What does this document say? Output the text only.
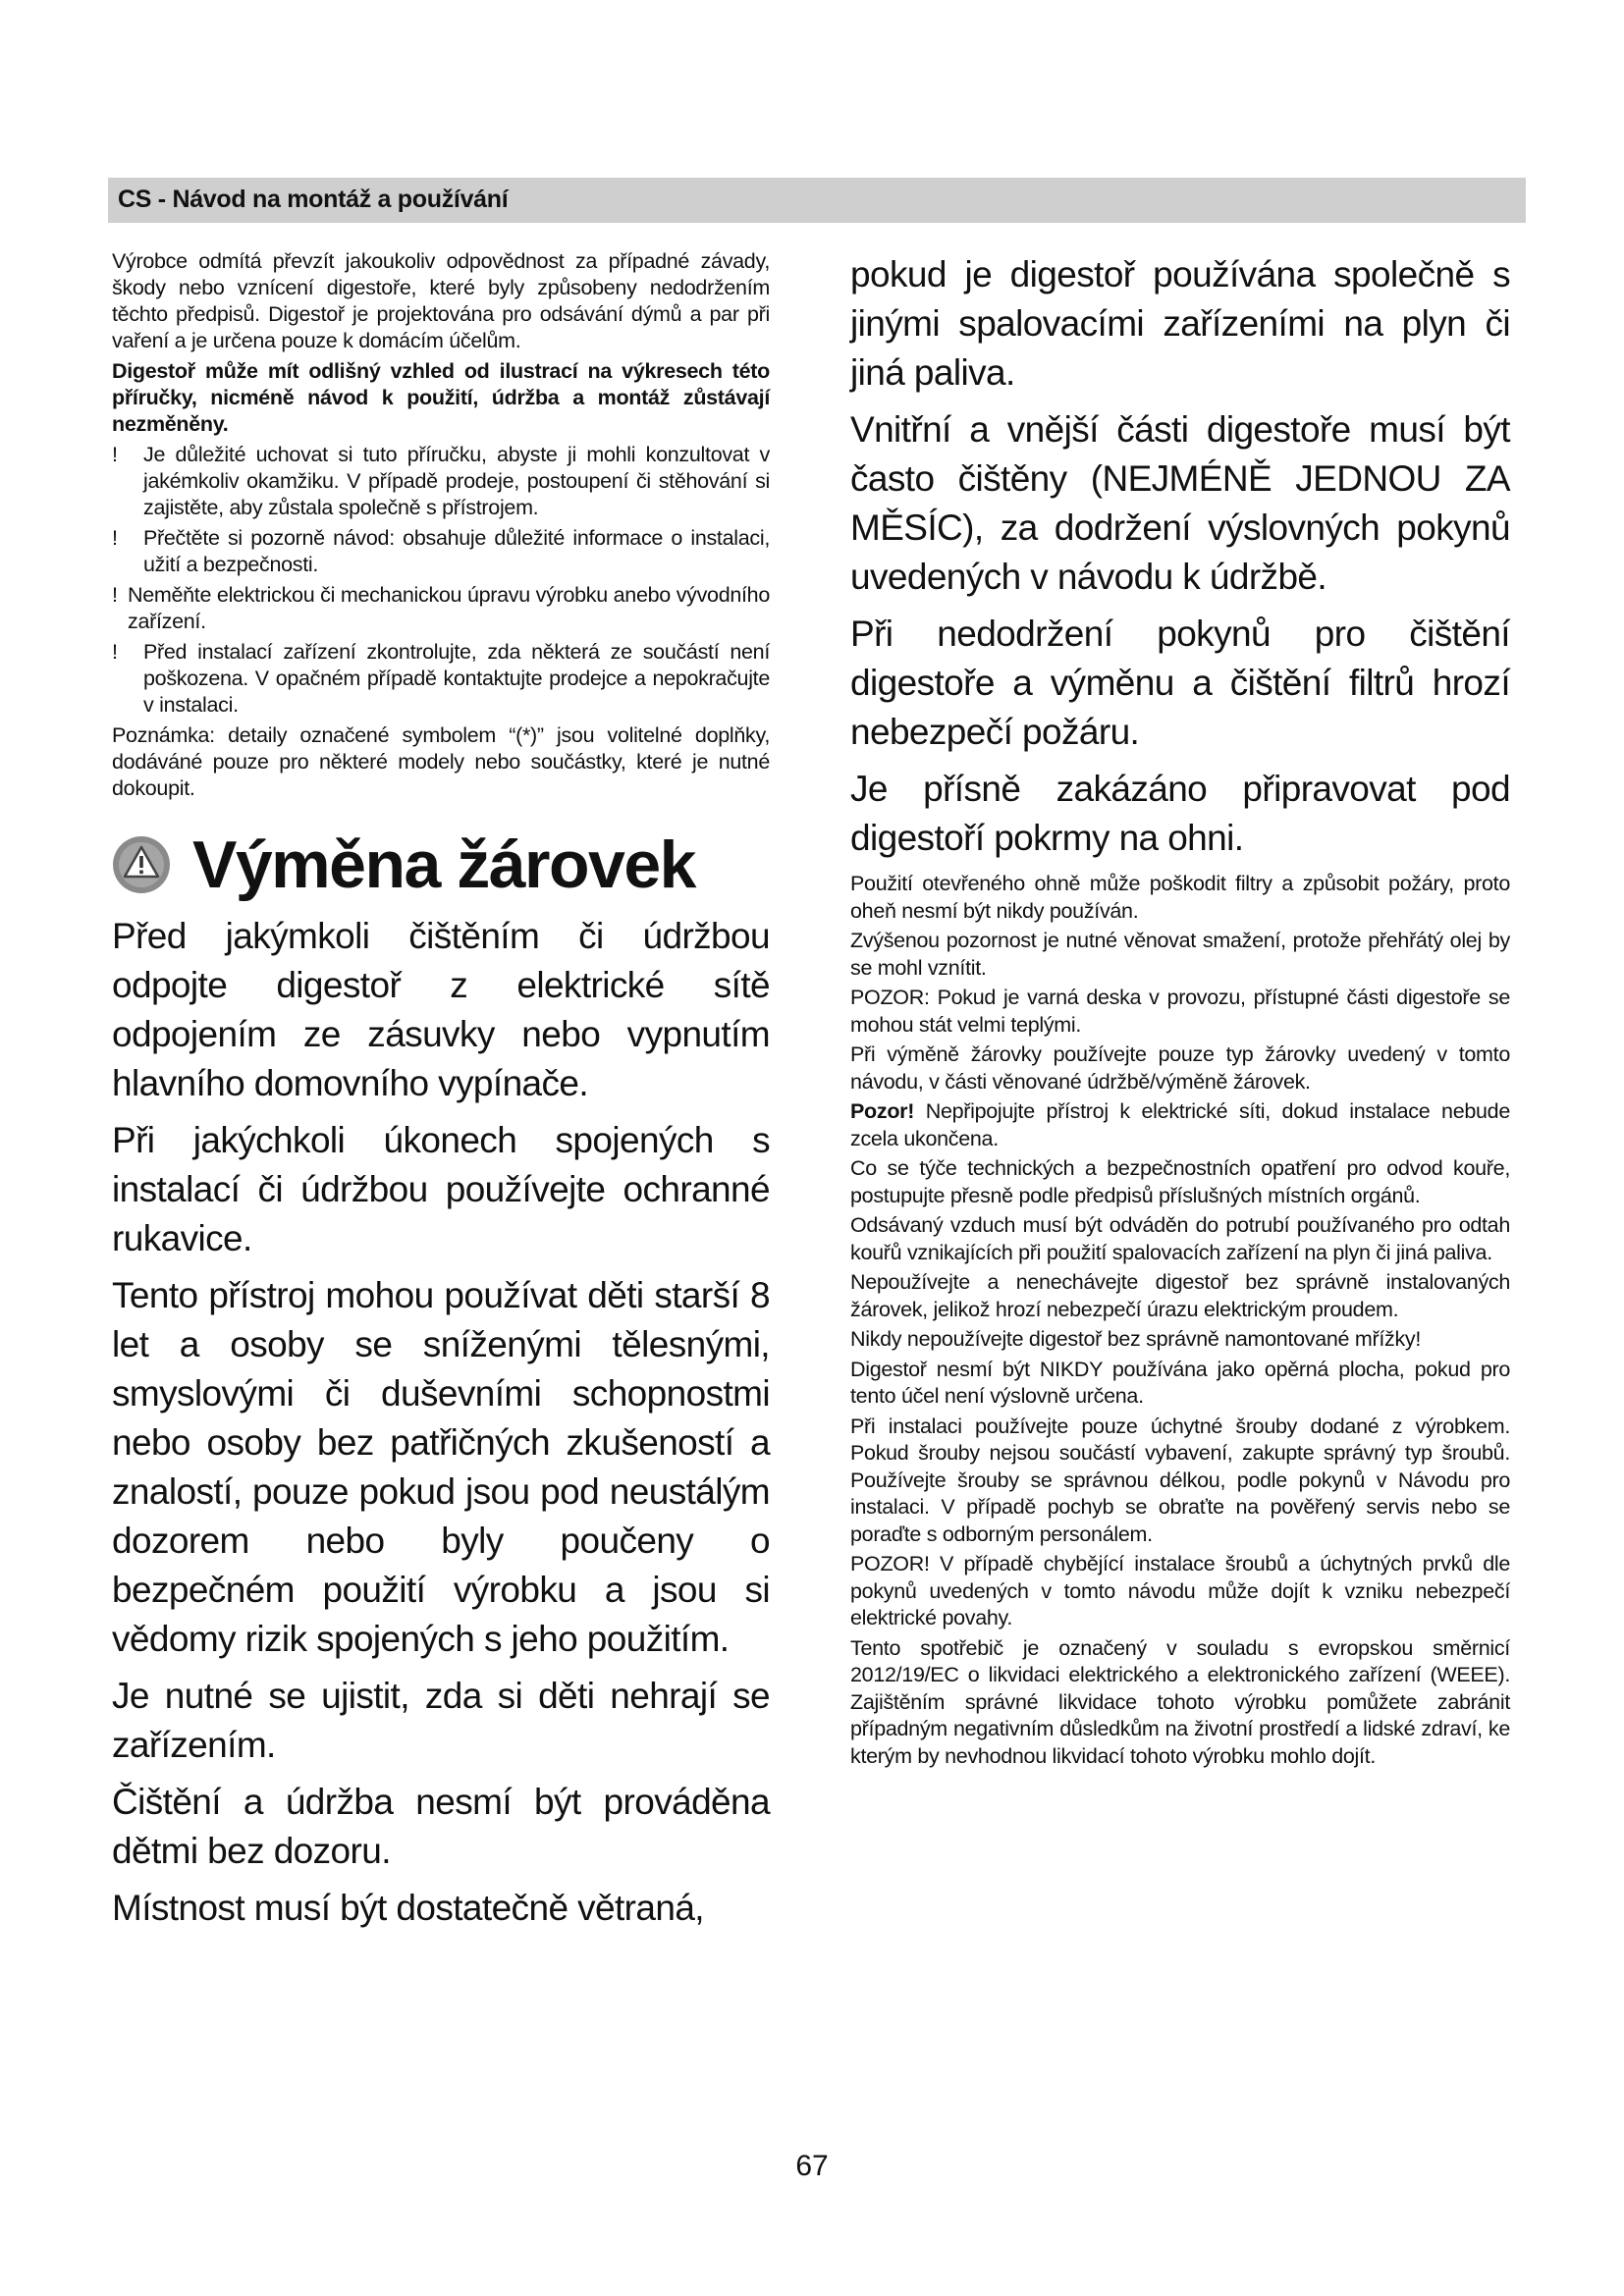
CS - Návod na montáž a používání

Výrobce odmítá převzít jakoukoliv odpovědnost za případné závady, škody nebo vznícení digestoře, které byly způsobeny nedodržením těchto předpisů. Digestoř je projektována pro odsávání dýmů a par při vaření a je určena pouze k domácím účelům.

Digestoř může mít odlišný vzhled od ilustrací na výkresech této příručky, nicméně návod k použití, údržba a montáž zůstávají nezměněny.

!	Je důležité uchovat si tuto příručku, abyste ji mohli konzultovat v jakémkoliv okamžiku. V případě prodeje, postoupení či stěhování si zajistěte, aby zůstala společně s přístrojem.
!	Přečtěte si pozorně návod: obsahuje důležité informace o instalaci, užití a bezpečnosti.
! Neměňte elektrickou či mechanickou úpravu výrobku anebo vývodního zařízení.
!	Před instalací zařízení zkontrolujte, zda některá ze součástí není poškozena. V opačném případě kontaktujte prodejce a nepokračujte v instalaci.

Poznámka: detaily označené symbolem “(*)” jsou volitelné doplňky, dodáváné pouze pro některé modely nebo součástky, které je nutné dokoupit.

Výměna žárovek

Před jakýmkoli čištěním či údržbou odpojte digestoř z elektrické sítě odpojením ze zásuvky nebo vypnutím hlavního domovního vypínače.

Při jakýchkoli úkonech spojených s instalací či údržbou používejte ochranné rukavice.

Tento přístroj mohou používat děti starší 8 let a osoby se sníženými tělesnými, smyslovými či duševními schopnostmi nebo osoby bez patřičných zkušeností a znalostí, pouze pokud jsou pod neustálým dozorem nebo byly poučeny o bezpečném použití výrobku a jsou si vědomy rizik spojených s jeho použitím.

Je nutné se ujistit, zda si děti nehrají se zařízením.

Čištění a údržba nesmí být prováděna dětmi bez dozoru.

Místnost musí být dostatečně větraná,

pokud je digestoř používána společně s jinými spalovacími zařízeními na plyn či jiná paliva.

Vnitřní a vnější části digestoře musí být často čištěny (NEJMÉNĚ JEDNOU ZA MĚSÍC), za dodržení výslovných pokynů uvedených v návodu k údržbě.

Při nedodržení pokynů pro čištění digestoře a výměnu a čištění filtrů hrozí nebezpečí požáru.

Je přísně zakázáno připravovat pod digestoří pokrmy na ohni.

Použití otevřeného ohně může poškodit filtry a způsobit požáry, proto oheň nesmí být nikdy používán.

Zvýšenou pozornost je nutné věnovat smažení, protože přehřátý olej by se mohl vznítit.

POZOR: Pokud je varná deska v provozu, přístupné části digestoře se mohou stát velmi teplými.

Při výměně žárovky používejte pouze typ žárovky uvedený v tomto návodu, v části věnované údržbě/výměně žárovek.

Pozor! Nepřipojujte přístroj k elektrické síti, dokud instalace nebude zcela ukončena.

Co se týče technických a bezpečnostních opatření pro odvod kouře, postupujte přesně podle předpisů příslušných místních orgánů.

Odsávaný vzduch musí být odváděn do potrubí používaného pro odtah kouřů vznikajících při použití spalovacích zařízení na plyn či jiná paliva.

Nepoužívejte a nenechávejte digestoř bez správně instalovaných žárovek, jelikož hrozí nebezpečí úrazu elektrickým proudem.

Nikdy nepoužívejte digestoř bez správně namontované mřížky!

Digestoř nesmí být NIKDY používána jako opěrná plocha, pokud pro tento účel není výslovně určena.

Při instalaci používejte pouze úchytné šrouby dodané z výrobkem. Pokud šrouby nejsou součástí vybavení, zakupte správný typ šroubů. Používejte šrouby se správnou délkou, podle pokynů v Návodu pro instalaci. V případě pochyb se obraťte na pověřený servis nebo se poraďte s odborným personálem.

POZOR! V případě chybějící instalace šroubů a úchytných prvků dle pokynů uvedených v tomto návodu může dojít k vzniku nebezpečí elektrické povahy.

Tento spotřebič je označený v souladu s evropskou směrnicí 2012/19/EC o likvidaci elektrického a elektronického zařízení (WEEE). Zajištěním správné likvidace tohoto výrobku pomůžete zabránit případným negativním důsledkům na životní prostředí a lidské zdraví, ke kterým by nevhodnou likvidací tohoto výrobku mohlo dojít.

67
